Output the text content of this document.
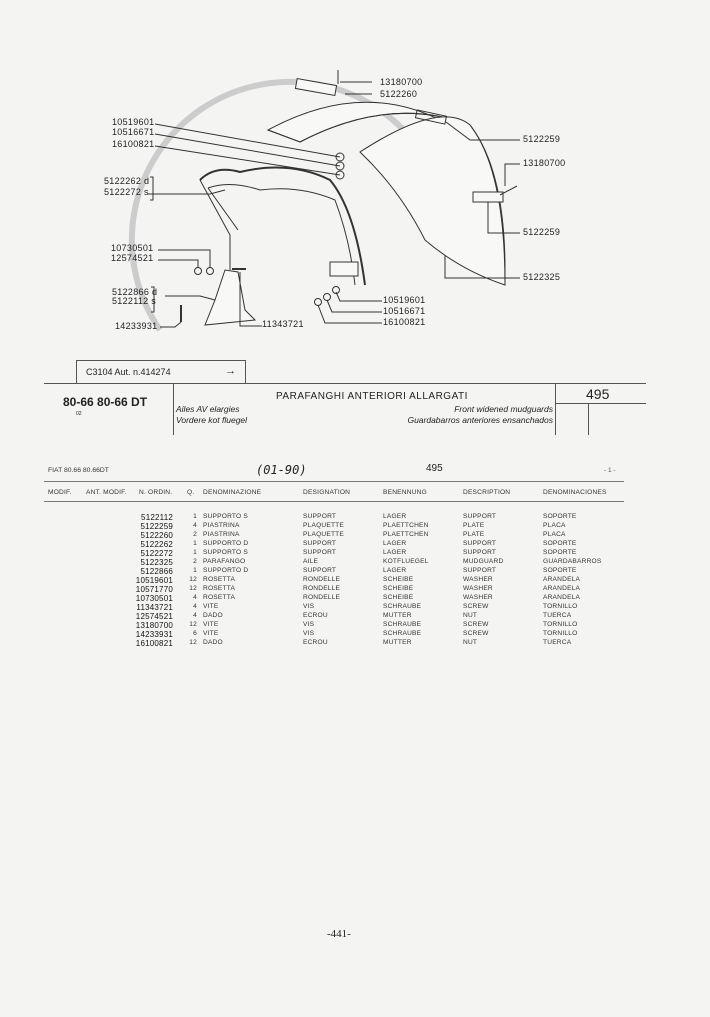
13180700
5122260
10519601
10516671
16100821
5122262 d
5122272 s
5122259
13180700
5122259
5122325
10730501
12574521
5122866 d
5122112 s
14233931	11343721
10519601
10516671
16100821
C3104 Aut. n.414274	→
80-66 80-66 DT
02
PARAFANGHI ANTERIORI ALLARGATI
Ailes AV elargies
Vordere kot fluegel
Front widened mudguards
Guardabarros anteriores ensanchados
495
FIAT 80.66 80.66DT	(01-90)	495	- 1 -
MODIF. ANT. MODIF. N. ORDIN. Q. DENOMINAZIONE	DESIGNATION	BENENNUNG	DESCRIPTION	DENOMINACIONES
5122112	1 SUPPORTO S	SUPPORT	LAGER	SUPPORT	SOPORTE
5122259	4 PIASTRINA	PLAQUETTE	PLAETTCHEN	PLATE	PLACA
5122260	2 PIASTRINA	PLAQUETTE	PLAETTCHEN	PLATE	PLACA
5122262	1 SUPPORTO D	SUPPORT	LAGER	SUPPORT	SOPORTE
5122272	1 SUPPORTO S	SUPPORT	LAGER	SUPPORT	SOPORTE
5122325	2 PARAFANGO	AILE	KOTFLUEGEL	MUDGUARD	GUARDABARROS
5122866	1 SUPPORTO D	SUPPORT	LAGER	SUPPORT	SOPORTE
10519601	12 ROSETTA	RONDELLE	SCHEIBE	WASHER	ARANDELA
10571770	12 ROSETTA	RONDELLE	SCHEIBE	WASHER	ARANDELA
10730501	4 ROSETTA	RONDELLE	SCHEIBE	WASHER	ARANDELA
11343721	4 VITE	VIS	SCHRAUBE	SCREW	TORNILLO
12574521	4 DADO	ECROU	MUTTER	NUT	TUERCA
13180700	12 VITE	VIS	SCHRAUBE	SCREW	TORNILLO
14233931	6 VITE	VIS	SCHRAUBE	SCREW	TORNILLO
16100821	12 DADO	ECROU	MUTTER	NUT	TUERCA
-441-
